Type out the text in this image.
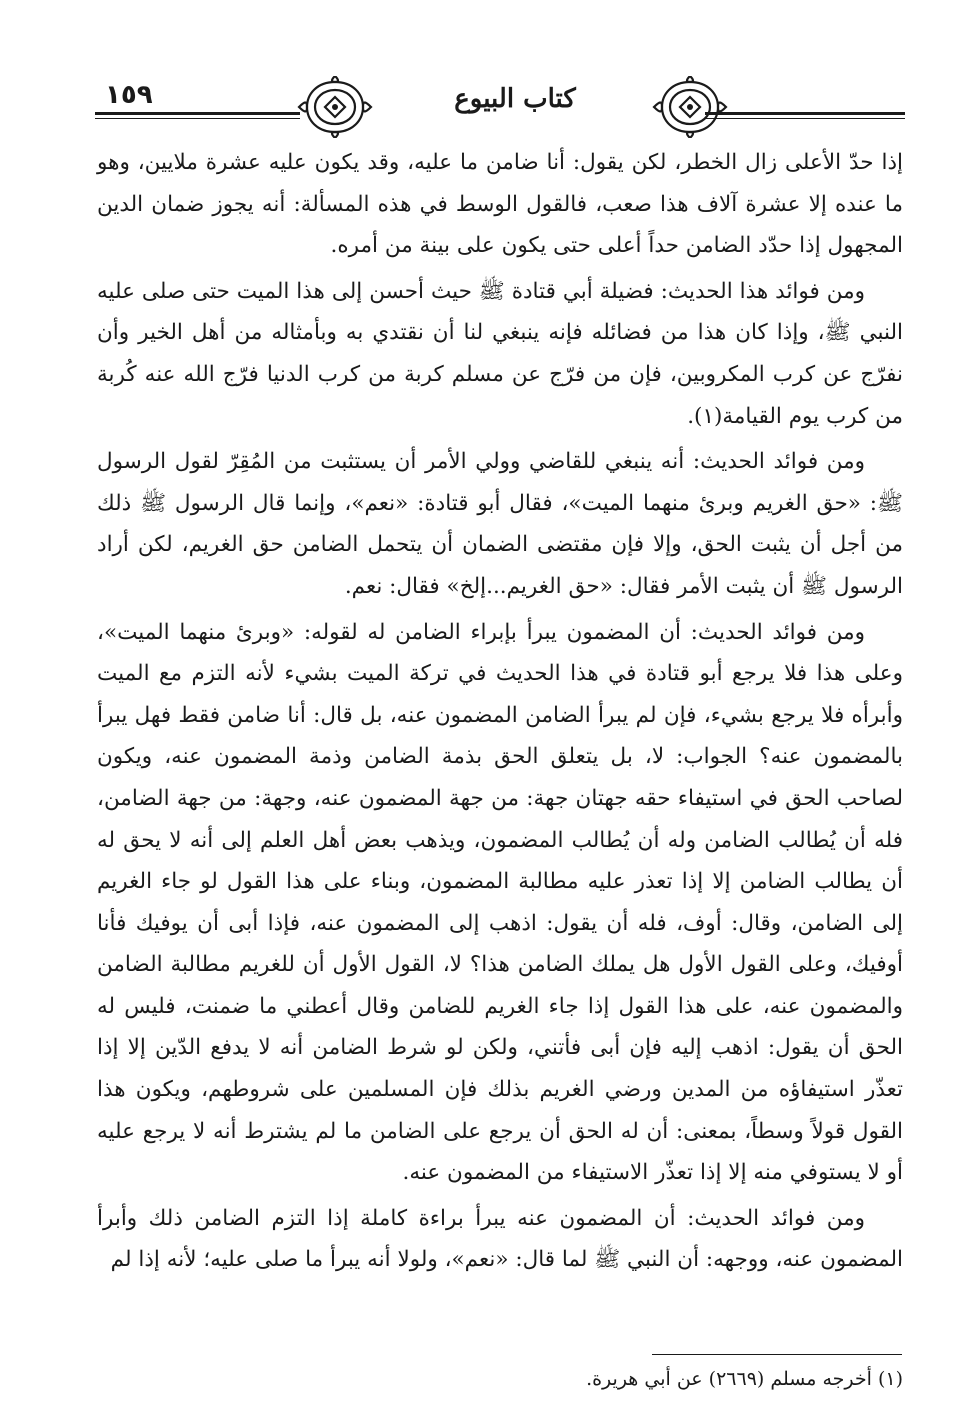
١٥٩	كتاب البيوع

إذا حدّ الأعلى زال الخطر، لكن يقول: أنا ضامن ما عليه، وقد يكون عليه عشرة ملايين، وهو ما عنده إلا عشرة آلاف هذا صعب، فالقول الوسط في هذه المسألة: أنه يجوز ضمان الدين المجهول إذا حدّد الضامن حداً أعلى حتى يكون على بينة من أمره.

ومن فوائد هذا الحديث: فضيلة أبي قتادة ﷺ حيث أحسن إلى هذا الميت حتى صلى عليه النبي ﷺ، وإذا كان هذا من فضائله فإنه ينبغي لنا أن نقتدي به وبأمثاله من أهل الخير وأن نفرّج عن كرب المكروبين، فإن من فرّج عن مسلم كربة من كرب الدنيا فرّج الله عنه كُربة من كرب يوم القيامة(١).

ومن فوائد الحديث: أنه ينبغي للقاضي وولي الأمر أن يستثبت من المُقِرّ لقول الرسول ﷺ: «حق الغريم وبرئ منهما الميت»، فقال أبو قتادة: «نعم»، وإنما قال الرسول ﷺ ذلك من أجل أن يثبت الحق، وإلا فإن مقتضى الضمان أن يتحمل الضامن حق الغريم، لكن أراد الرسول ﷺ أن يثبت الأمر فقال: «حق الغريم...إلخ» فقال: نعم.

ومن فوائد الحديث: أن المضمون يبرأ بإبراء الضامن له لقوله: «وبرئ منهما الميت»، وعلى هذا فلا يرجع أبو قتادة في هذا الحديث في تركة الميت بشيء لأنه التزم مع الميت وأبرأه فلا يرجع بشيء، فإن لم يبرأ الضامن المضمون عنه، بل قال: أنا ضامن فقط فهل يبرأ بالمضمون عنه؟ الجواب: لا، بل يتعلق الحق بذمة الضامن وذمة المضمون عنه، ويكون لصاحب الحق في استيفاء حقه جهتان جهة: من جهة المضمون عنه، وجهة: من جهة الضامن، فله أن يُطالب الضامن وله أن يُطالب المضمون، ويذهب بعض أهل العلم إلى أنه لا يحق له أن يطالب الضامن إلا إذا تعذر عليه مطالبة المضمون، وبناء على هذا القول لو جاء الغريم إلى الضامن، وقال: أوف، فله أن يقول: اذهب إلى المضمون عنه، فإذا أبى أن يوفيك فأنا أوفيك، وعلى القول الأول هل يملك الضامن هذا؟ لا، القول الأول أن للغريم مطالبة الضامن والمضمون عنه، على هذا القول إذا جاء الغريم للضامن وقال أعطني ما ضمنت، فليس له الحق أن يقول: اذهب إليه فإن أبى فأتني، ولكن لو شرط الضامن أنه لا يدفع الدّين إلا إذا تعذّر استيفاؤه من المدين ورضي الغريم بذلك فإن المسلمين على شروطهم، ويكون هذا القول قولاً وسطاً، بمعنى: أن له الحق أن يرجع على الضامن ما لم يشترط أنه لا يرجع عليه أو لا يستوفي منه إلا إذا تعذّر الاستيفاء من المضمون عنه.

ومن فوائد الحديث: أن المضمون عنه يبرأ براءة كاملة إذا التزم الضامن ذلك وأبرأ المضمون عنه، ووجهه: أن النبي ﷺ لما قال: «نعم»، ولولا أنه يبرأ ما صلى عليه؛ لأنه إذا لم

(١) أخرجه مسلم (٢٦٦٩) عن أبي هريرة.
